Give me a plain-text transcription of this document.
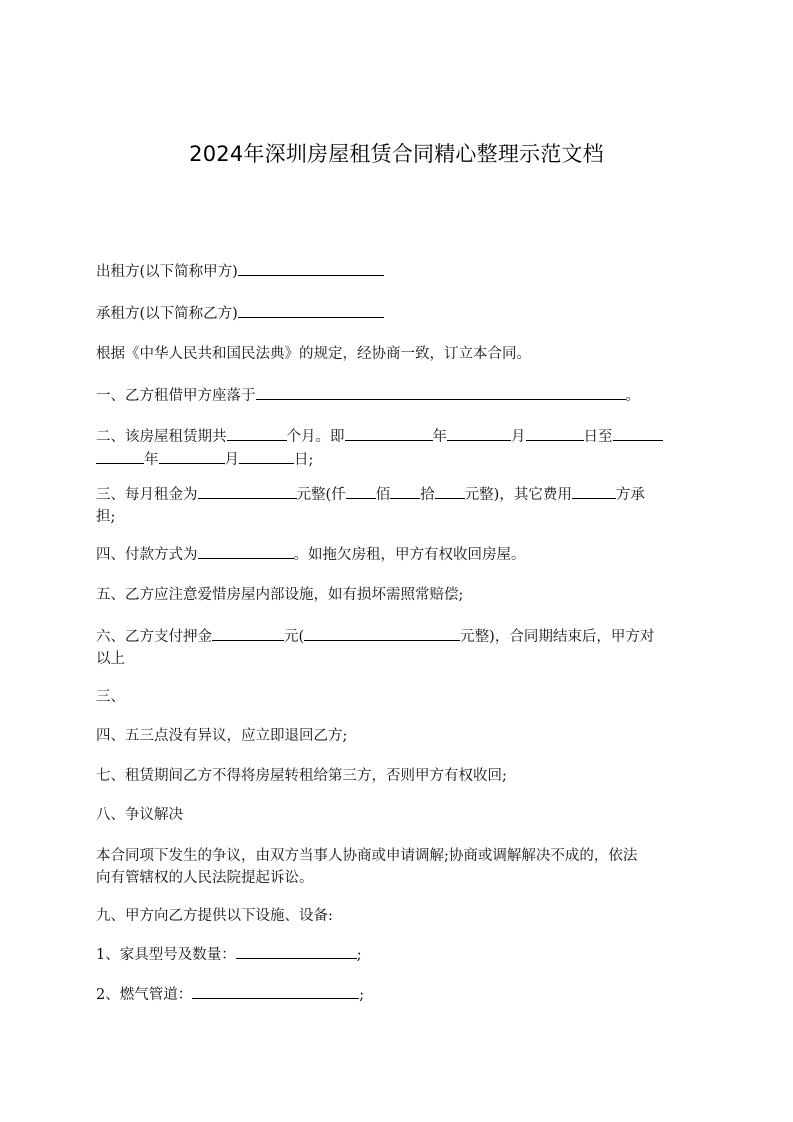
2024年深圳房屋租赁合同精心整理示范文档
出租方(以下简称甲方)
承租方(以下简称乙方)
根据《中华人民共和国民法典》的规定，经协商一致，订立本合同。
一、乙方租借甲方座落于	。
二、该房屋租赁期共	个月。即	年	月	日至
年	月	日;
三、每月租金为	元整(仟 佰 拾 元整)，其它费用	方承
担;
四、付款方式为	。如拖欠房租，甲方有权收回房屋。
五、乙方应注意爱惜房屋内部设施，如有损坏需照常赔偿;
六、乙方支付押金	元(	元整)，合同期结束后，甲方对
以上
三、
四、五三点没有异议，应立即退回乙方;
七、租赁期间乙方不得将房屋转租给第三方，否则甲方有权收回;
八、争议解决
本合同项下发生的争议，由双方当事人协商或申请调解;协商或调解解决不成的，依法
向有管辖权的人民法院提起诉讼。
九、甲方向乙方提供以下设施、设备:
1、家具型号及数量：	;
2、燃气管道：	;
